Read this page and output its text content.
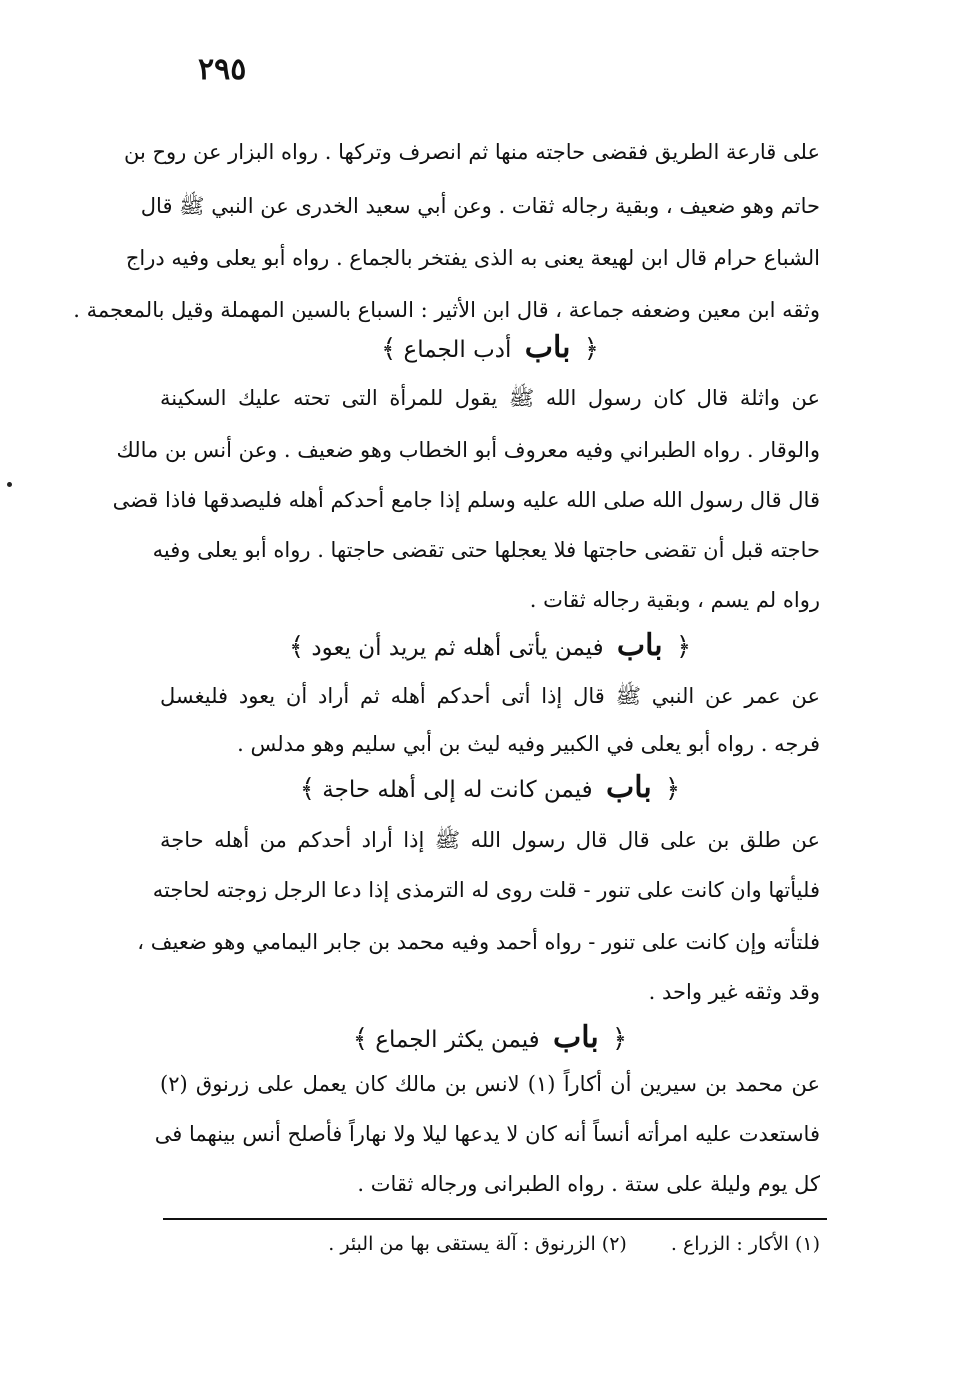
٢٩٥
على قارعة الطريق فقضى حاجته منها ثم انصرف وتركها . رواه البزار عن روح بن
حاتم وهو ضعيف ، وبقية رجاله ثقات . وعن أبي سعيد الخدرى عن النبي ﷺ قال
الشباع حرام قال ابن لهيعة يعنى به الذى يفتخر بالجماع . رواه أبو يعلى وفيه دراج
وثقه ابن معين وضعفه جماعة ، قال ابن الأثير : السباع بالسين المهملة وقيل بالمعجمة .
﴿ باب أدب الجماع ﴾
عن واثلة قال كان رسول الله ﷺ يقول للمرأة التى تحته عليك السكينة
والوقار . رواه الطبراني وفيه معروف أبو الخطاب وهو ضعيف . وعن أنس بن مالك
قال قال رسول الله صلى الله عليه وسلم إذا جامع أحدكم أهله فليصدقها فاذا قضى
حاجته قبل أن تقضى حاجتها فلا يعجلها حتى تقضى حاجتها . رواه أبو يعلى وفيه
رواه لم يسم ، وبقية رجاله ثقات .
﴿ باب فيمن يأتى أهله ثم يريد أن يعود ﴾
عن عمر عن النبي ﷺ قال إذا أتى أحدكم أهله ثم أراد أن يعود فليغسل
فرجه . رواه أبو يعلى في الكبير وفيه ليث بن أبي سليم وهو مدلس .
﴿ باب فيمن كانت له إلى أهله حاجة ﴾
عن طلق بن على قال قال رسول الله ﷺ إذا أراد أحدكم من أهله حاجة
فليأتها وان كانت على تنور - قلت روى له الترمذى إذا دعا الرجل زوجته لحاجته
فلتأته وإن كانت على تنور - رواه أحمد وفيه محمد بن جابر اليمامي وهو ضعيف ،
وقد وثقه غير واحد .
﴿ باب فيمن يكثر الجماع ﴾
عن محمد بن سيرين أن أكاراً (١) لانس بن مالك كان يعمل على زرنوق (٢)
فاستعدت عليه امرأته أنساً أنه كان لا يدعها ليلا ولا نهاراً فأصلح أنس بينهما فى
كل يوم وليلة على ستة . رواه الطبرانى ورجاله ثقات .
(١) الأكار : الزراع . (٢) الزرنوق : آلة يستقى بها من البئر .
